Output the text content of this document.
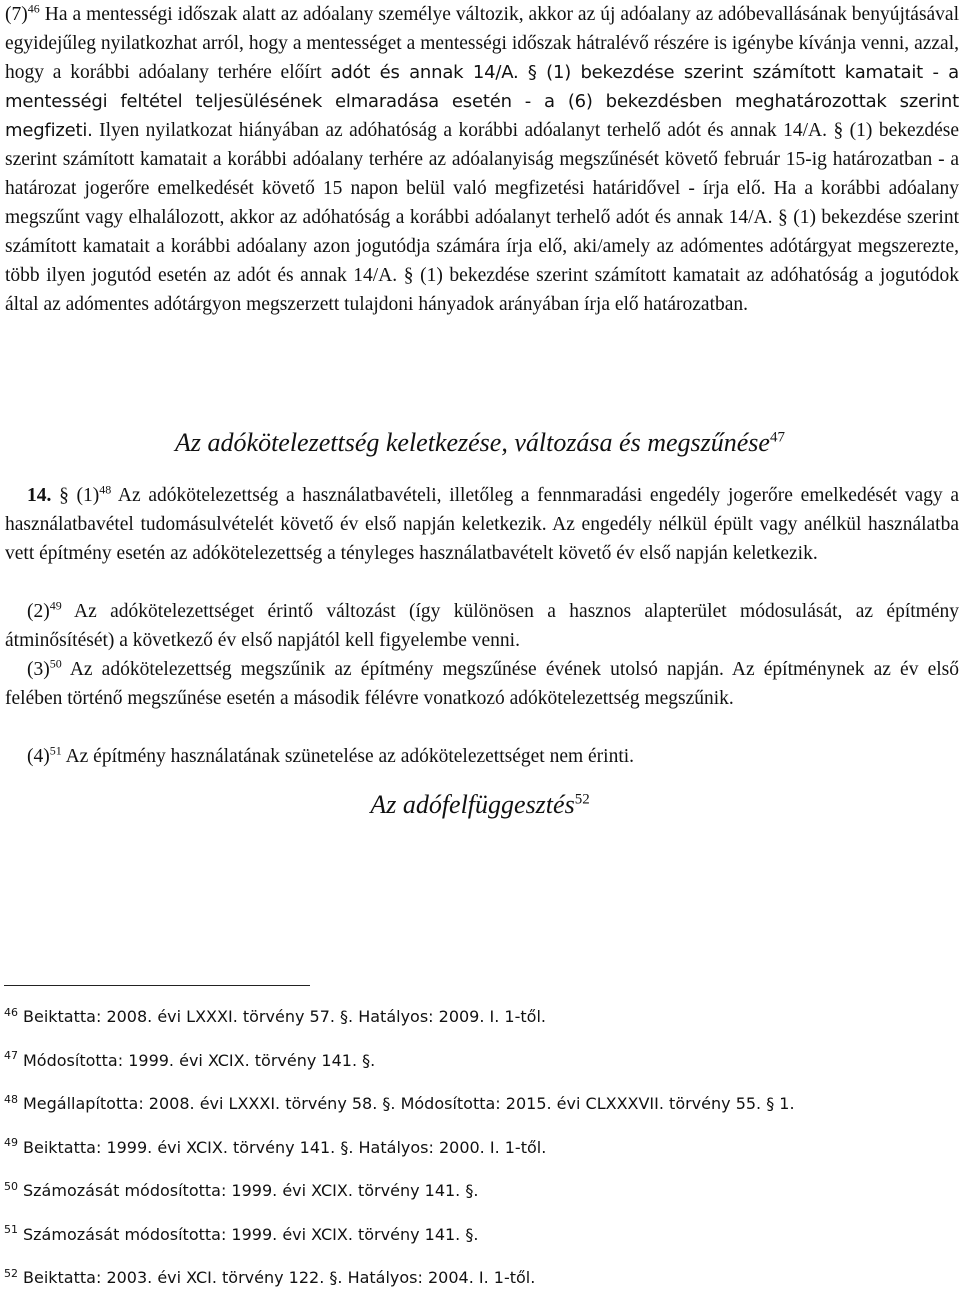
$(7)^{46}$ Ha a mentességi időszak alatt az adóalany személye változik, akkor az új adóalany az adóbevallásának benyújtásával egyidejűleg nyilatkozhat arról, hogy a mentességet a mentességi időszak hátralévő részére is igénybe kívánja venni, azzal, hogy a korábbi adóalany terhére előírt adót és annak 14/A. § (1) bekezdése szerint számított kamatait - a mentességi feltétel teljesülésének elmaradása esetén - a (6) bekezdésben meghatározottak szerint megfizeti. Ilyen nyilatkozat hiányában az adóhatóság a korábbi adóalanyt terhelő adót és annak 14/A. § (1) bekezdése szerint számított kamatait a korábbi adóalany terhére az adóalanyiság megszűnését követő február 15-ig határozatban - a határozat jogerőre emelkedését követő 15 napon belül való megfizetési határidővel - írja elő. Ha a korábbi adóalany megszűnt vagy elhalálozott, akkor az adóhatóság a korábbi adóalanyt terhelő adót és annak 14/A. § (1) bekezdése szerint számított kamatait a korábbi adóalany azon jogutódja számára írja elő, aki/amely az adómentes adótárgyat megszerezte, több ilyen jogutód esetén az adót és annak 14/A. § (1) bekezdése szerint számított kamatait az adóhatóság a jogutódok által az adómentes adótárgyon megszerzett tulajdoni hányadok arányában írja elő határozatban.

Az adókötelezettség keletkezése, változása és megszűnése$^{47}$

14. § $(1)^{48}$ Az adókötelezettség a használatbavételi, illetőleg a fennmaradási engedély jogerőre emelkedését vagy a használatbavétel tudomásulvételét követő év első napján keletkezik. Az engedély nélkül épült vagy anélkül használatba vett építmény esetén az adókötelezettség a tényleges használatbavételt követő év első napján keletkezik.

$(2)^{49}$ Az adókötelezettséget érintő változást (így különösen a hasznos alapterület módosulását, az építmény átminősítését) a következő év első napjától kell figyelembe venni.

$(3)^{50}$ Az adókötelezettség megszűnik az építmény megszűnése évének utolsó napján. Az építménynek az év első felében történő megszűnése esetén a második félévre vonatkozó adókötelezettség megszűnik.

$(4)^{51}$ Az építmény használatának szünetelése az adókötelezettséget nem érinti.

Az adófelfüggesztés$^{52}$
$^{46}$ Beiktatta: 2008. évi LXXXI. törvény 57. §. Hatályos: 2009. I. 1-től.
$^{47}$ Módosította: 1999. évi XCIX. törvény 141. §.
$^{48}$ Megállapította: 2008. évi LXXXI. törvény 58. §. Módosította: 2015. évi CLXXXVII. törvény 55. § 1.
$^{49}$ Beiktatta: 1999. évi XCIX. törvény 141. §. Hatályos: 2000. I. 1-től.
$^{50}$ Számozását módosította: 1999. évi XCIX. törvény 141. §.
$^{51}$ Számozását módosította: 1999. évi XCIX. törvény 141. §.
$^{52}$ Beiktatta: 2003. évi XCI. törvény 122. §. Hatályos: 2004. I. 1-től.
